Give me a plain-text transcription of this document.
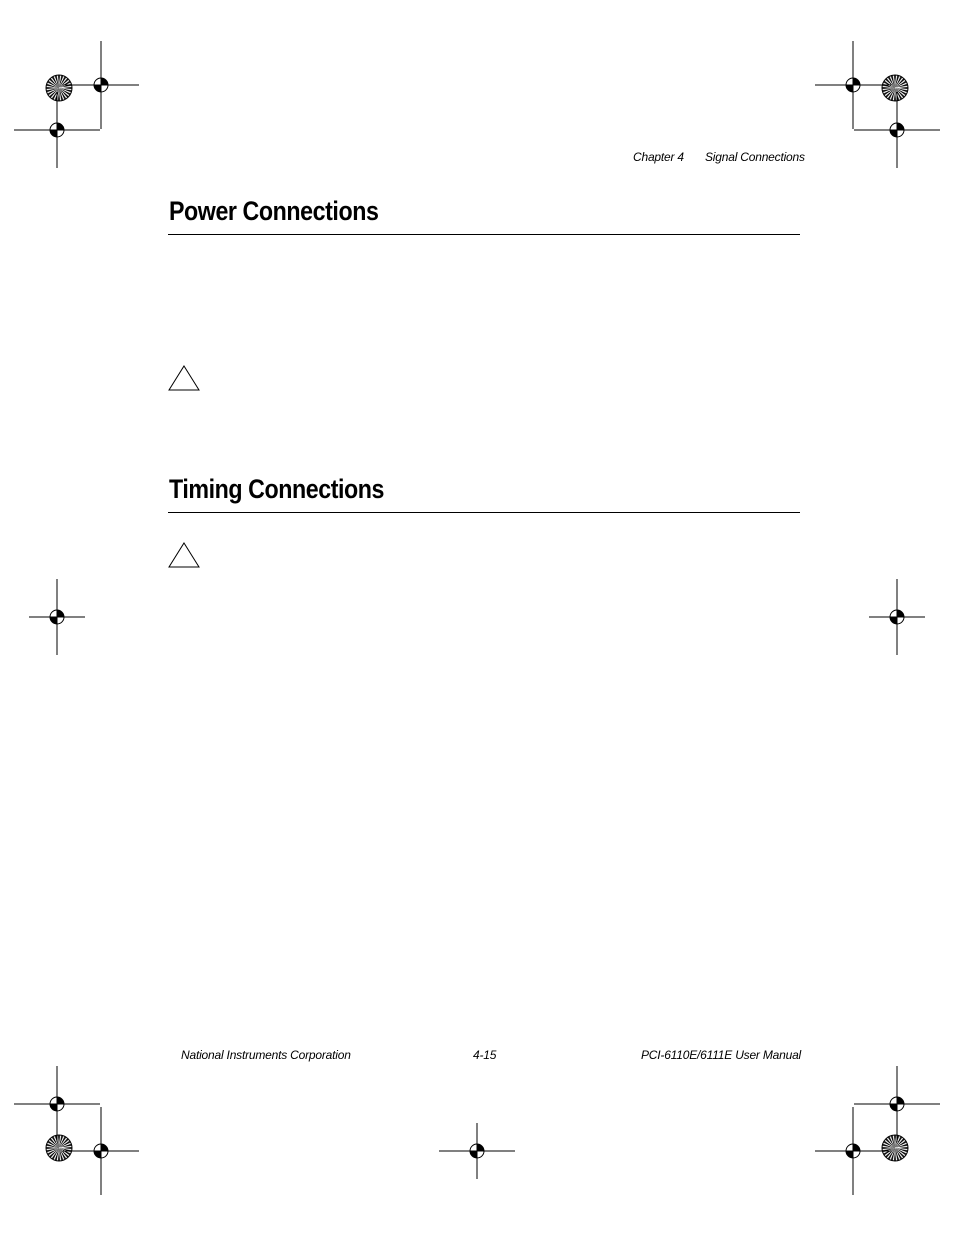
Chapter 4 Signal Connections
Power Connections
Timing Connections
National Instruments Corporation	4-15	PCI-6110E/6111E User Manual
